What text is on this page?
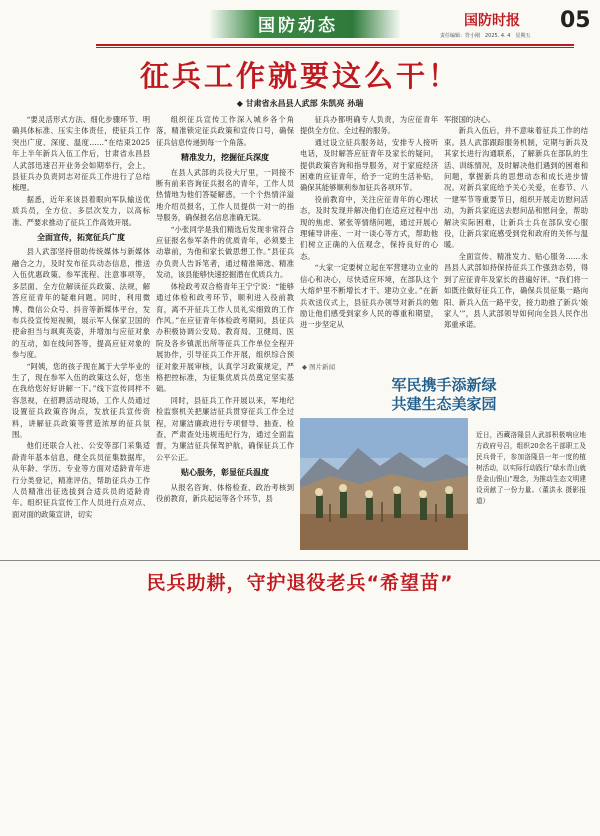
国防动态	国防时报 05
责任编辑：符小刚　2025. 4. 4　星期五
征兵工作就要这么干！
◆ 甘肃省永昌县人武部 朱凯亮 孙瑞

“要灵活形式方法、细化步骤环节、明确具体标准、压实主体责任，使征兵工作突出广度、深度、温度……”在结束2025年上半年新兵入伍工作后，甘肃省永昌县人武部迅速召开业务会如期举行，会上，县征兵办负责同志对征兵工作进行了总结梳理。

据悉，近年来该县着眼向军队输送优质兵员，全方位、多层次发力，以高标准、严要求推动了征兵工作高效开展。

全面宣传，拓宽征兵广度

县人武部坚持借助传统媒体与新媒体融合之力，及时发布征兵动态信息，推送入伍优惠政策、参军流程、注意事项等，多层面、全方位解读征兵政策、法规，解答应征青年的疑难问题。同时，利用微博、微信公众号、抖音等新媒体平台，发布兵役宣传短视频，展示军人保家卫国的使命担当与飒爽英姿，并增加与应征对象的互动，如在线问答等，提高应征对象的参与度。

“阿姨，您的孩子现在属于大学毕业的生了，现在参军入伍的政策这么好，您坐在我给您好好讲解一下。”线下宣传同样不容忽视，在招聘活动现场，工作人员通过设置征兵政策咨询点，发放征兵宣传资料，讲解征兵政策等营造浓厚的征兵氛围。

他们还联合人社、公安等部门采集适龄青年基本信息，健全兵员征集数据库，从年龄、学历、专业等方面对适龄青年进行分类登记，精准评估，帮助征兵办工作人员精准出征选拔到合适兵员的适龄青年。组织征兵宣传工作人员进行点对点、面对面的政策宣讲，切实

组织征兵宣传工作深入城乡各个角落，精准锁定征兵政策和宣传口号，确保征兵信息传递到每一个角落。

精准发力，挖掘征兵深度

在县人武部的兵役大厅里，一同接不断有前来咨询征兵报名的青年，工作人员热情地为他们答疑解惑，一个个热情洋溢地介绍员报名，工作人员提供一对一的指导服务，确保报名信息准确无误。

“小张同学是我们精选后发现非常符合应征报名参军条件的优质青年，必须要主动靠前，为他和家长做思想工作。”县征兵办负责人告诉笔者，通过精准筛选、精准发动，该县能够快速挖掘潜在优质兵力。

体检政考双合格青年王宁宁说：“能够通过体检和政考环节，顺利进入役前教育，离不开征兵工作人员礼实细致的工作作风。”在应征青年体检政考期间，县征兵办积极协调公安局、教育局、卫健局、医院及各乡镇派出所等征兵工作单位全程开展协作，引导征兵工作开展，组织综合预征对象开展审核，认真学习政策规定，严格把控标准，为征集优质兵员奠定坚实基础。

同时，县征兵工作开展以来，军地纪检监察机关把廉洁征兵贯穿征兵工作全过程，对廉洁廉政进行专项督导、抽查、检查，严肃查处违规违纪行为，通过全面监督，为廉洁征兵保驾护航，确保征兵工作公平公正。

贴心服务，彰显征兵温度

从报名咨询、体格检查、政治考核到役前教育，新兵起运等各个环节，县

征兵办都明确专人负责，为应征青年提供全方位、全过程的服务。

通过设立征兵服务站，安排专人接听电话，及时解答应征青年及家长的疑问，提供政策咨询和指导服务，对于家庭经济困难的应征青年，给予一定的生活补贴，确保其能够顺利参加征兵各项环节。

役前教育中，关注应征青年的心理状态，及时发现并解决他们在适应过程中出现的焦虑、紧张等情绪问题，通过开展心理辅导讲座、一对一谈心等方式，帮助他们树立正确的入伍观念，保持良好的心态。

“大家一定要树立起在军营建功立业的信心和决心，尽快适应环境，在部队这个大熔炉里不断增长才干、建功立业。”在新兵欢送仪式上，县征兵办领导对新兵的勉励让他们感受到家乡人民的尊重和期望，进一步坚定从

军报国的决心。

新兵入伍后，并不意味着征兵工作的结束。县人武部跟踪服务机制，定期与新兵及其家长进行沟通联系，了解新兵在部队的生活、训练情况，及时解决他们遇到的困难和问题，掌握新兵的思想动态和成长进步情况。对新兵家庭给予关心关爱，在春节、八一建军节等重要节日，组织开展走访慰问活动，为新兵家庭送去慰问品和慰问金，帮助解决实际困难，让新兵士兵在部队安心服役，让新兵家庭感受到党和政府的关怀与温暖。

全面宣传、精准发力、贴心服务……永昌县人武部如持保持征兵工作强劲态势，得到了应征青年及家长的普遍好评。“我们将一如既往做好征兵工作，确保兵员征集一路向阳、新兵入伍一路平安，接力助推了新兵‘娘家人’”，县人武部领导如何向全县人民作出郑重承诺。

◆ 图片新闻
军民携手添新绿
共建生态美家园
近日，西藏洛隆县人武部积极响应地方政府号召，组织20余名干部职工及民兵骨干，参加洛隆县一年一度的植树活动，以实际行动践行“绿水青山就是金山银山”理念，为推动生态文明建设贡献了一份力量。（董洪永 摄影报道）
民兵助耕，守护退役老兵“希望苗”
